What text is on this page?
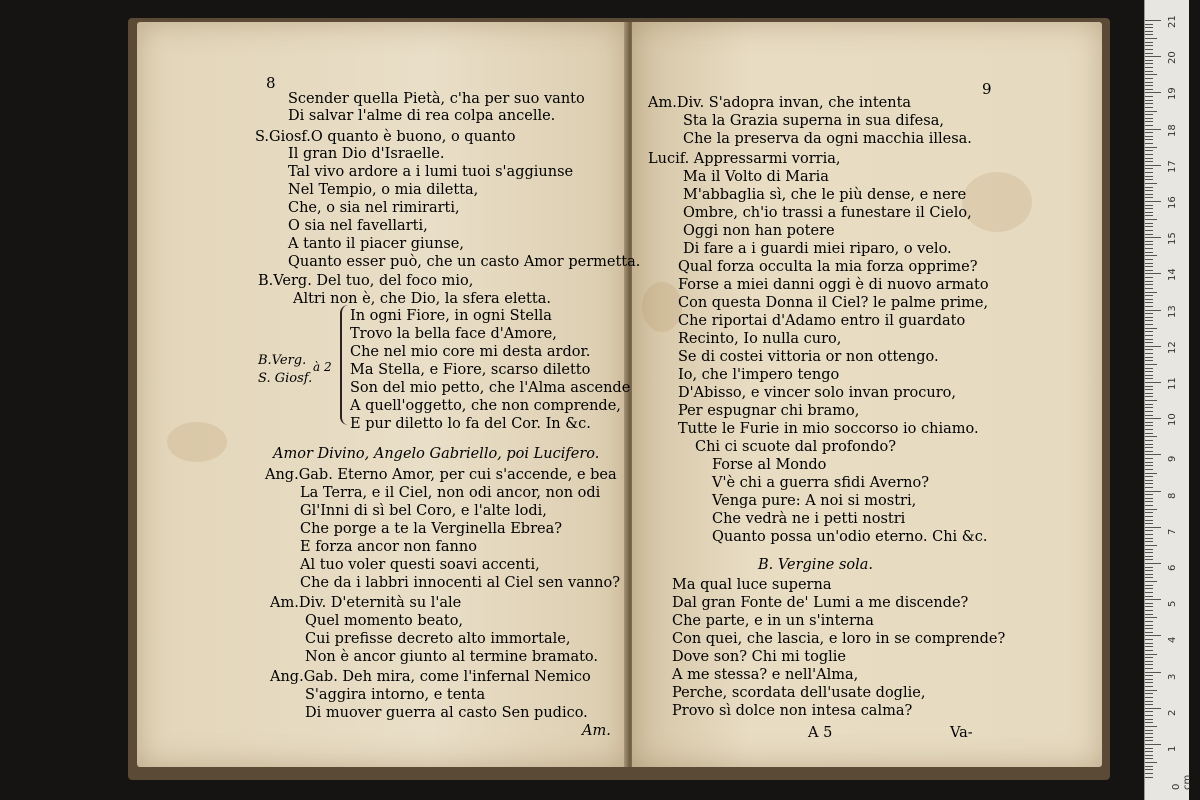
8
Scender quella Pietà, c'ha per suo vanto
Di salvar l'alme di rea colpa ancelle.
S.Giosf.O quanto è buono, o quanto
Il gran Dio d'Israelle.
Tal vivo ardore a i lumi tuoi s'aggiunse
Nel Tempio, o mia diletta,
Che, o sia nel rimirarti,
O sia nel favellarti,
A tanto il piacer giunse,
Quanto esser può, che un casto Amor permetta.
B.Verg. Del tuo, del foco mio,
Altri non è, che Dio, la sfera eletta.
In ogni Fiore, in ogni Stella
Trovo la bella face d'Amore,
Che nel mio core mi desta ardor.
Ma Stella, e Fiore, scarso diletto
Son del mio petto, che l'Alma ascende
A quell'oggetto, che non comprende,
E pur diletto lo fa del Cor. In &c.
B.Verg. à 2
S. Giosf.
Amor Divino, Angelo Gabriello, poi Lucifero.
Ang.Gab. Eterno Amor, per cui s'accende, e bea
La Terra, e il Ciel, non odi ancor, non odi
Gl'Inni di sì bel Coro, e l'alte lodi,
Che porge a te la Verginella Ebrea?
E forza ancor non fanno
Al tuo voler questi soavi accenti,
Che da i labbri innocenti al Ciel sen vanno?
Am.Div. D'eternità su l'ale
Quel momento beato,
Cui prefisse decreto alto immortale,
Non è ancor giunto al termine bramato.
Ang.Gab. Deh mira, come l'infernal Nemico
S'aggira intorno, e tenta
Di muover guerra al casto Sen pudico.
Am.
9
Am.Div. S'adopra invan, che intenta
Sta la Grazia superna in sua difesa,
Che la preserva da ogni macchia illesa.
Lucif. Appressarmi vorria,
Ma il Volto di Maria
M'abbaglia sì, che le più dense, e nere
Ombre, ch'io trassi a funestare il Cielo,
Oggi non han potere
Di fare a i guardi miei riparo, o velo.
Qual forza occulta la mia forza opprime?
Forse a miei danni oggi è di nuovo armato
Con questa Donna il Ciel? le palme prime,
Che riportai d'Adamo entro il guardato
Recinto, Io nulla curo,
Se di costei vittoria or non ottengo.
Io, che l'impero tengo
D'Abisso, e vincer solo invan procuro,
Per espugnar chi bramo,
Tutte le Furie in mio soccorso io chiamo.
Chi ci scuote dal profondo?
Forse al Mondo
V'è chi a guerra sfidi Averno?
Venga pure: A noi si mostri,
Che vedrà ne i petti nostri
Quanto possa un'odio eterno. Chi &c.
B. Vergine sola.
Ma qual luce superna
Dal gran Fonte de' Lumi a me discende?
Che parte, e in un s'interna
Con quei, che lascia, e loro in se comprende?
Dove son? Chi mi toglie
A me stessa? e nell'Alma,
Perche, scordata dell'usate doglie,
Provo sì dolce non intesa calma?
A 5	Va-
0 cm
21
20
19
18
17
16
15
14
13
12
11
10
9
8
7
6
5
4
3
2
1
